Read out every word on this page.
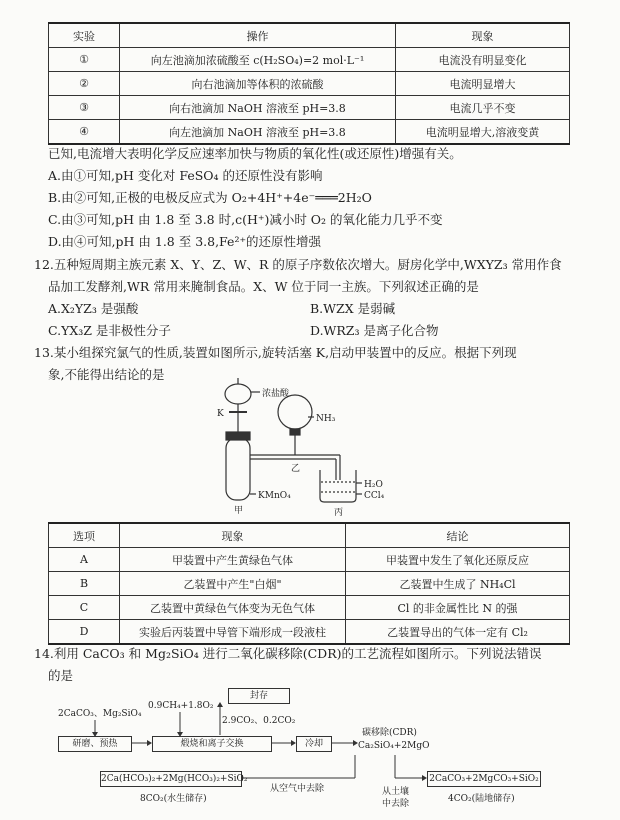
实验	操作	现象
①	向左池滴加浓硫酸至 c(H₂SO₄)=2 mol·L⁻¹	电流没有明显变化
②	向右池滴加等体积的浓硫酸	电流明显增大
③	向右池滴加 NaOH 溶液至 pH=3.8	电流几乎不变
④	向左池滴加 NaOH 溶液至 pH=3.8	电流明显增大,溶液变黄
已知,电流增大表明化学反应速率加快与物质的氧化性(或还原性)增强有关。
A.由①可知,pH 变化对 FeSO₄ 的还原性没有影响
B.由②可知,正极的电极反应式为 O₂+4H⁺+4e⁻═══2H₂O
C.由③可知,pH 由 1.8 至 3.8 时,c(H⁺)减小时 O₂ 的氧化能力几乎不变
D.由④可知,pH 由 1.8 至 3.8,Fe²⁺的还原性增强
12.五种短周期主族元素 X、Y、Z、W、R 的原子序数依次增大。厨房化学中,WXYZ₃ 常用作食
品加工发酵剂,WR 常用来腌制食品。X、W 位于同一主族。下列叙述正确的是
A.X₂YZ₃ 是强酸	B.WZX 是弱碱
C.YX₃Z 是非极性分子	D.WRZ₃ 是离子化合物
13.某小组探究氯气的性质,装置如图所示,旋转活塞 K,启动甲装置中的反应。根据下列现
象,不能得出结论的是
浓盐酸
K	NH₃
乙
KMnO₄
甲
H₂O
CCl₄
丙
选项	现象	结论
A	甲装置中产生黄绿色气体	甲装置中发生了氧化还原反应
B	乙装置中产生"白烟"	乙装置中生成了 NH₄Cl
C	乙装置中黄绿色气体变为无色气体	Cl 的非金属性比 N 的强
D	实验后丙装置中导管下端形成一段液柱	乙装置导出的气体一定有 Cl₂
14.利用 CaCO₃ 和 Mg₂SiO₄ 进行二氧化碳移除(CDR)的工艺流程如图所示。下列说法错误
的是
2CaCO₃、Mg₂SiO₄
0.9CH₄+1.8O₂
封存
2.9CO₂、0.2CO₂
研磨、预热	煅烧和离子交换	冷却
碳移除(CDR)
Ca₂SiO₄+2MgO
2Ca(HCO₃)₂+2Mg(HCO₃)₂+SiO₂
8CO₂(水生储存)
从空气中去除	从土壤
中去除
2CaCO₃+2MgCO₃+SiO₂
4CO₂(陆地储存)
